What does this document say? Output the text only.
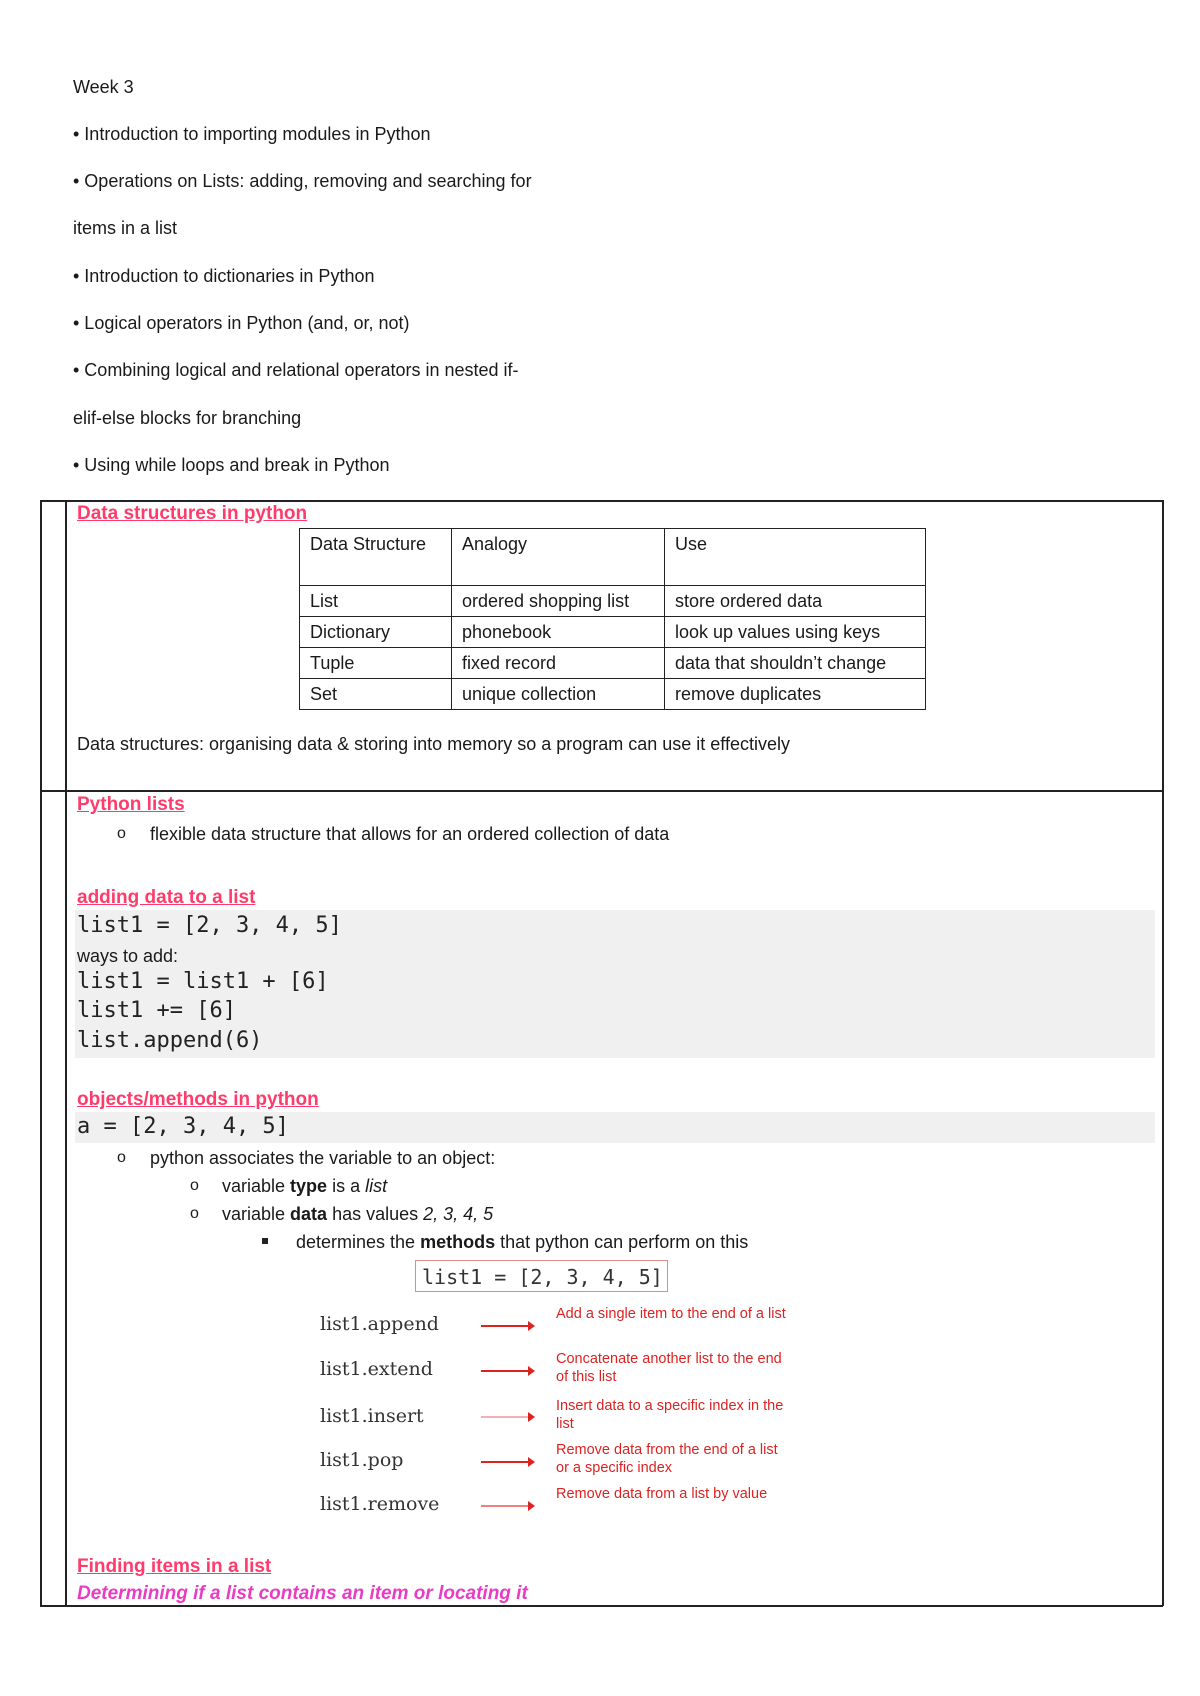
Week 3
• Introduction to importing modules in Python
• Operations on Lists: adding, removing and searching for
items in a list
• Introduction to dictionaries in Python
• Logical operators in Python (and, or, not)
• Combining logical and relational operators in nested if-
elif-else blocks for branching
• Using while loops and break in Python
Data structures in python
Data Structure	Analogy	Use
List	ordered shopping list	store ordered data
Dictionary	phonebook	look up values using keys
Tuple	fixed record	data that shouldn’t change
Set	unique collection	remove duplicates
Data structures: organising data & storing into memory so a program can use it effectively
Python lists
o flexible data structure that allows for an ordered collection of data
adding data to a list
list1 = [2, 3, 4, 5]
ways to add:
list1 = list1 + [6]
list1 += [6]
list.append(6)
objects/methods in python
a = [2, 3, 4, 5]
o python associates the variable to an object:
o variable type is a list
o variable data has values 2, 3, 4, 5
determines the methods that python can perform on this
list1 = [2, 3, 4, 5]
list1.append	Add a single item to the end of a list
list1.extend	Concatenate another list to the end of this list
list1.insert	Insert data to a specific index in the list
list1.pop	Remove data from the end of a list or a specific index
list1.remove	Remove data from a list by value
Finding items in a list
Determining if a list contains an item or locating it
